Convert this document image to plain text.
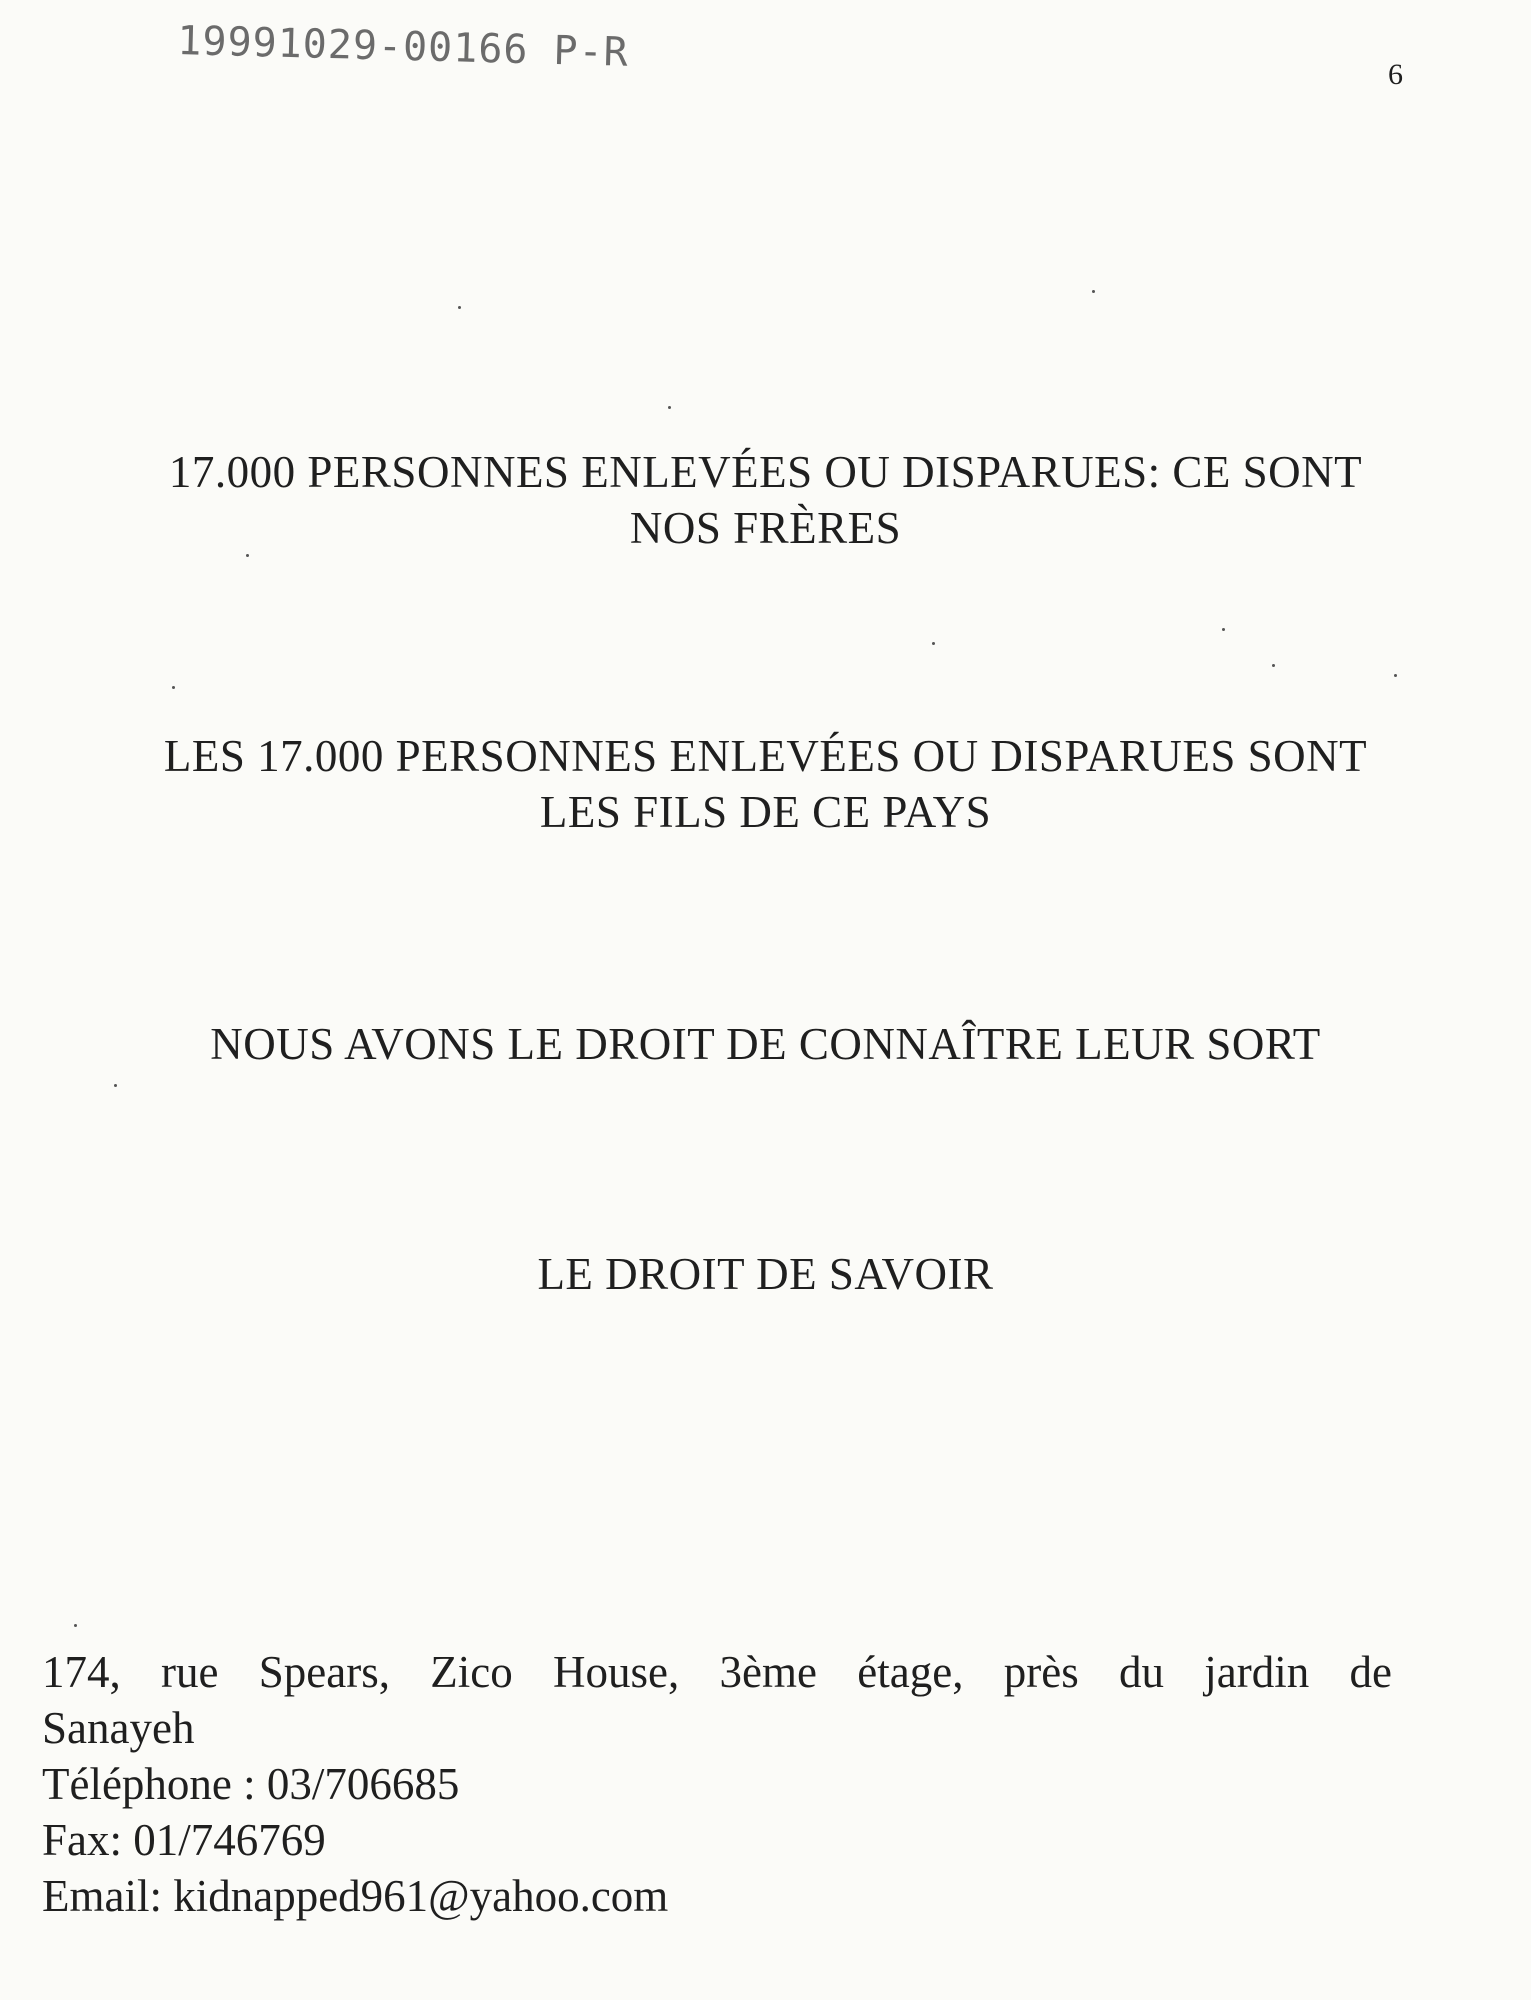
19991029-00166 P-R	6
17.000 PERSONNES ENLEVÉES OU DISPARUES: CE SONT
NOS FRÈRES
LES 17.000 PERSONNES ENLEVÉES OU DISPARUES SONT
LES FILS DE CE PAYS
NOUS AVONS LE DROIT DE CONNAÎTRE LEUR SORT
LE DROIT DE SAVOIR
174, rue Spears, Zico House, 3ème étage, près du jardin de
Sanayeh
Téléphone : 03/706685
Fax: 01/746769
Email: kidnapped961@yahoo.com
